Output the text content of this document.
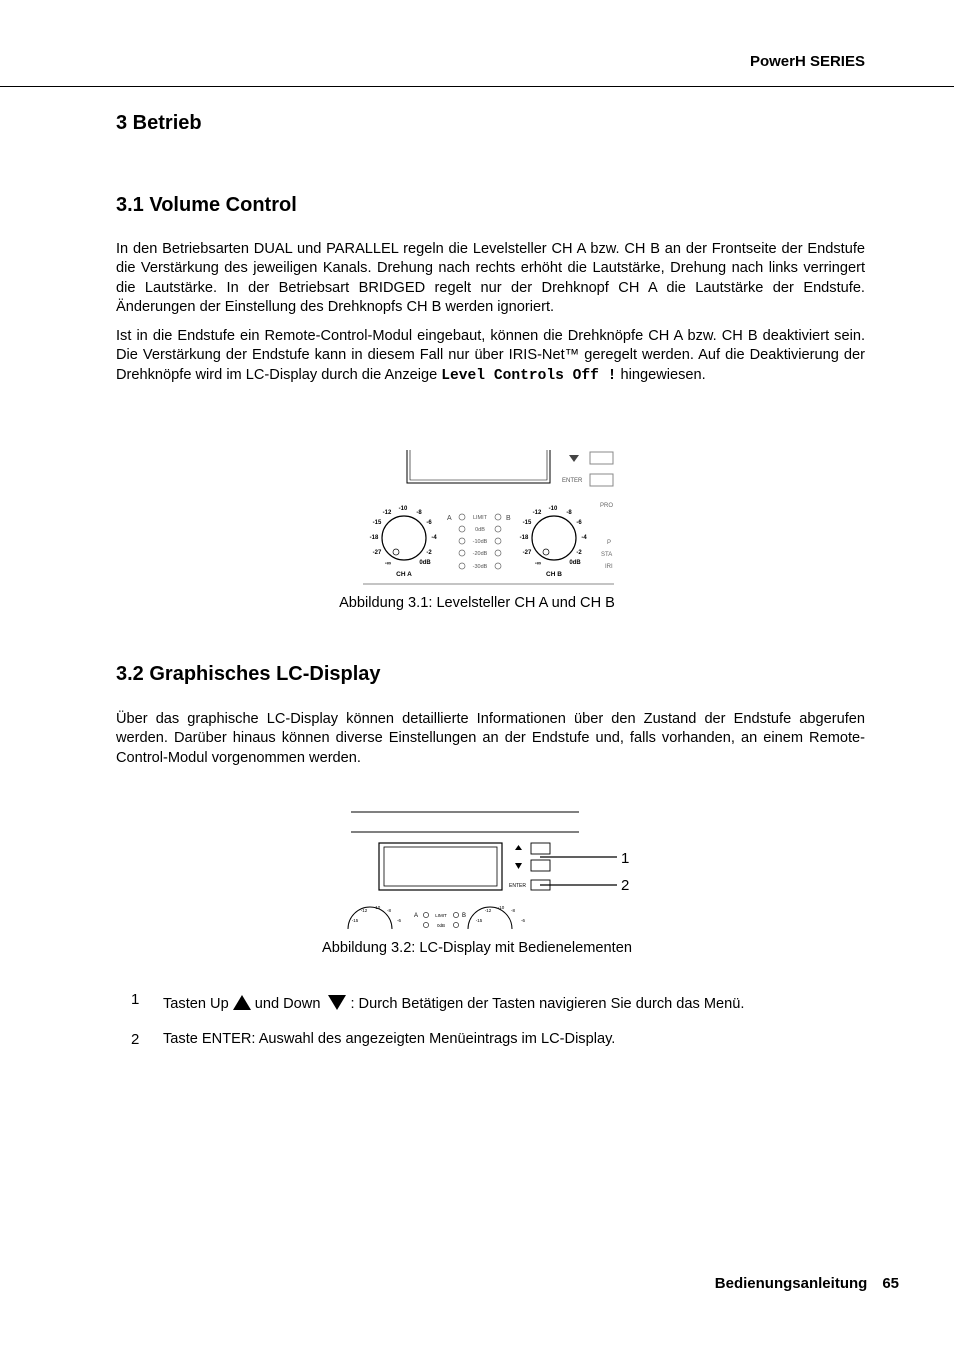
PowerH SERIES
3 Betrieb
3.1 Volume Control

In den Betriebsarten DUAL und PARALLEL regeln die Levelsteller CH A bzw. CH B an der Frontseite der Endstufe die Verstärkung des jeweiligen Kanals. Drehung nach rechts erhöht die Lautstärke, Drehung nach links verringert die Lautstärke. In der Betriebsart BRIDGED regelt nur der Drehknopf CH A die Lautstärke der Endstufe. Änderungen der Einstellung des Drehknopfs CH B werden ignoriert.

Ist in die Endstufe ein Remote-Control-Modul eingebaut, können die Drehknöpfe CH A bzw. CH B deaktiviert sein. Die Verstärkung der Endstufe kann in diesem Fall nur über IRIS-Net™ geregelt werden. Auf die Deaktivierung der Drehknöpfe wird im LC-Display durch die Anzeige Level Controls Off ! hingewiesen.

ENTER
PRO
P
STA
IRI
-12
-10
-8
-6
-4
-2
0dB
-∞
-27
-18
-15
CH A
A	B
LIMIT
0dB
-10dB
-20dB
-30dB
-12
-10
-8
-6
-4
-2
0dB
-∞
-27
-18
-15
CH B
Abbildung 3.1: Levelsteller CH A und CH B
3.2 Graphisches LC-Display

Über das graphische LC-Display können detaillierte Informationen über den Zustand der Endstufe abgerufen werden. Darüber hinaus können diverse Einstellungen an der Endstufe und, falls vorhanden, an einem Remote-Control-Modul vorgenommen werden.

ENTER
1
2
-12
-10
-8
-6
-15
-12
-10
-8
-6
-15
A	B
LIMIT
0dB
Abbildung 3.2: LC-Display mit Bedienelementen
1 Tasten Up und Down : Durch Betätigen der Tasten navigieren Sie durch das Menü.
2 Taste ENTER: Auswahl des angezeigten Menüeintrags im LC-Display.
Bedienungsanleitung 65
